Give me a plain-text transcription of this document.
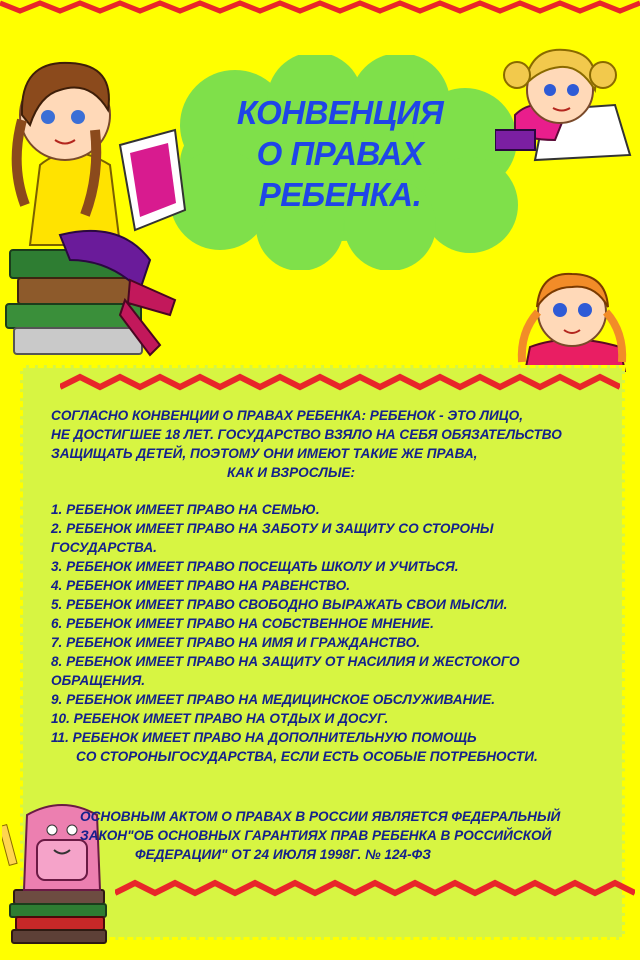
КОНВЕНЦИЯ
О ПРАВАХ
РЕБЕНКА.
СОГЛАСНО КОНВЕНЦИИ О ПРАВАХ РЕБЕНКА: РЕБЕНОК - ЭТО ЛИЦО,
НЕ ДОСТИГШЕЕ 18 ЛЕТ. ГОСУДАРСТВО ВЗЯЛО НА СЕБЯ ОБЯЗАТЕЛЬСТВО
ЗАЩИЩАТЬ ДЕТЕЙ, ПОЭТОМУ ОНИ ИМЕЮТ ТАКИЕ ЖЕ ПРАВА,
КАК И ВЗРОСЛЫЕ:
1. РЕБЕНОК ИМЕЕТ ПРАВО НА СЕМЬЮ.
2. РЕБЕНОК ИМЕЕТ ПРАВО НА ЗАБОТУ И ЗАЩИТУ СО СТОРОНЫ
ГОСУДАРСТВА.
3. РЕБЕНОК ИМЕЕТ ПРАВО ПОСЕЩАТЬ ШКОЛУ И УЧИТЬСЯ.
4. РЕБЕНОК ИМЕЕТ ПРАВО НА РАВЕНСТВО.
5. РЕБЕНОК ИМЕЕТ ПРАВО СВОБОДНО ВЫРАЖАТЬ СВОИ МЫСЛИ.
6. РЕБЕНОК ИМЕЕТ ПРАВО НА СОБСТВЕННОЕ МНЕНИЕ.
7. РЕБЕНОК ИМЕЕТ ПРАВО НА ИМЯ И ГРАЖДАНСТВО.
8. РЕБЕНОК ИМЕЕТ ПРАВО НА ЗАЩИТУ ОТ НАСИЛИЯ И ЖЕСТОКОГО
ОБРАЩЕНИЯ.
9. РЕБЕНОК ИМЕЕТ ПРАВО НА МЕДИЦИНСКОЕ ОБСЛУЖИВАНИЕ.
10. РЕБЕНОК ИМЕЕТ ПРАВО НА ОТДЫХ И ДОСУГ.
11. РЕБЕНОК ИМЕЕТ ПРАВО НА ДОПОЛНИТЕЛЬНУЮ ПОМОЩЬ
СО СТОРОНЫГОСУДАРСТВА, ЕСЛИ ЕСТЬ ОСОБЫЕ ПОТРЕБНОСТИ.
ОСНОВНЫМ АКТОМ О ПРАВАХ В РОССИИ ЯВЛЯЕТСЯ ФЕДЕРАЛЬНЫЙ
ЗАКОН"ОБ ОСНОВНЫХ ГАРАНТИЯХ ПРАВ РЕБЕНКА В РОССИЙСКОЙ
ФЕДЕРАЦИИ" ОТ 24 ИЮЛЯ 1998Г. № 124-ФЗ
